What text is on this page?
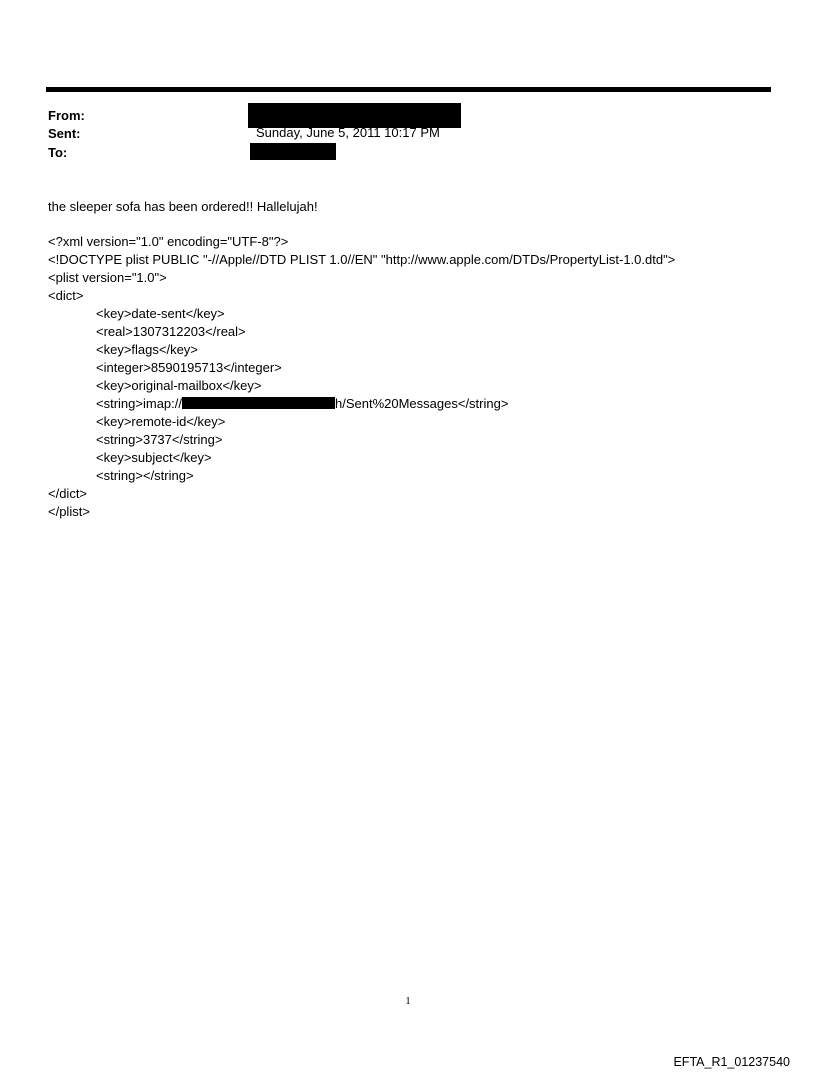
From:
Sent:
To:
Sunday, June 5, 2011 10:17 PM
the sleeper sofa has been ordered!! Hallelujah!
<?xml version="1.0" encoding="UTF-8"?>
<!DOCTYPE plist PUBLIC "-//Apple//DTD PLIST 1.0//EN" "http://www.apple.com/DTDs/PropertyList-1.0.dtd">
<plist version="1.0">
<dict>
<key>date-sent</key>
<real>1307312203</real>
<key>flags</key>
<integer>8590195713</integer>
<key>original-mailbox</key>
<string>imap://	h/Sent%20Messages</string>
<key>remote-id</key>
<string>3737</string>
<key>subject</key>
<string></string>
</dict>
</plist>
1
EFTA_R1_01237540
